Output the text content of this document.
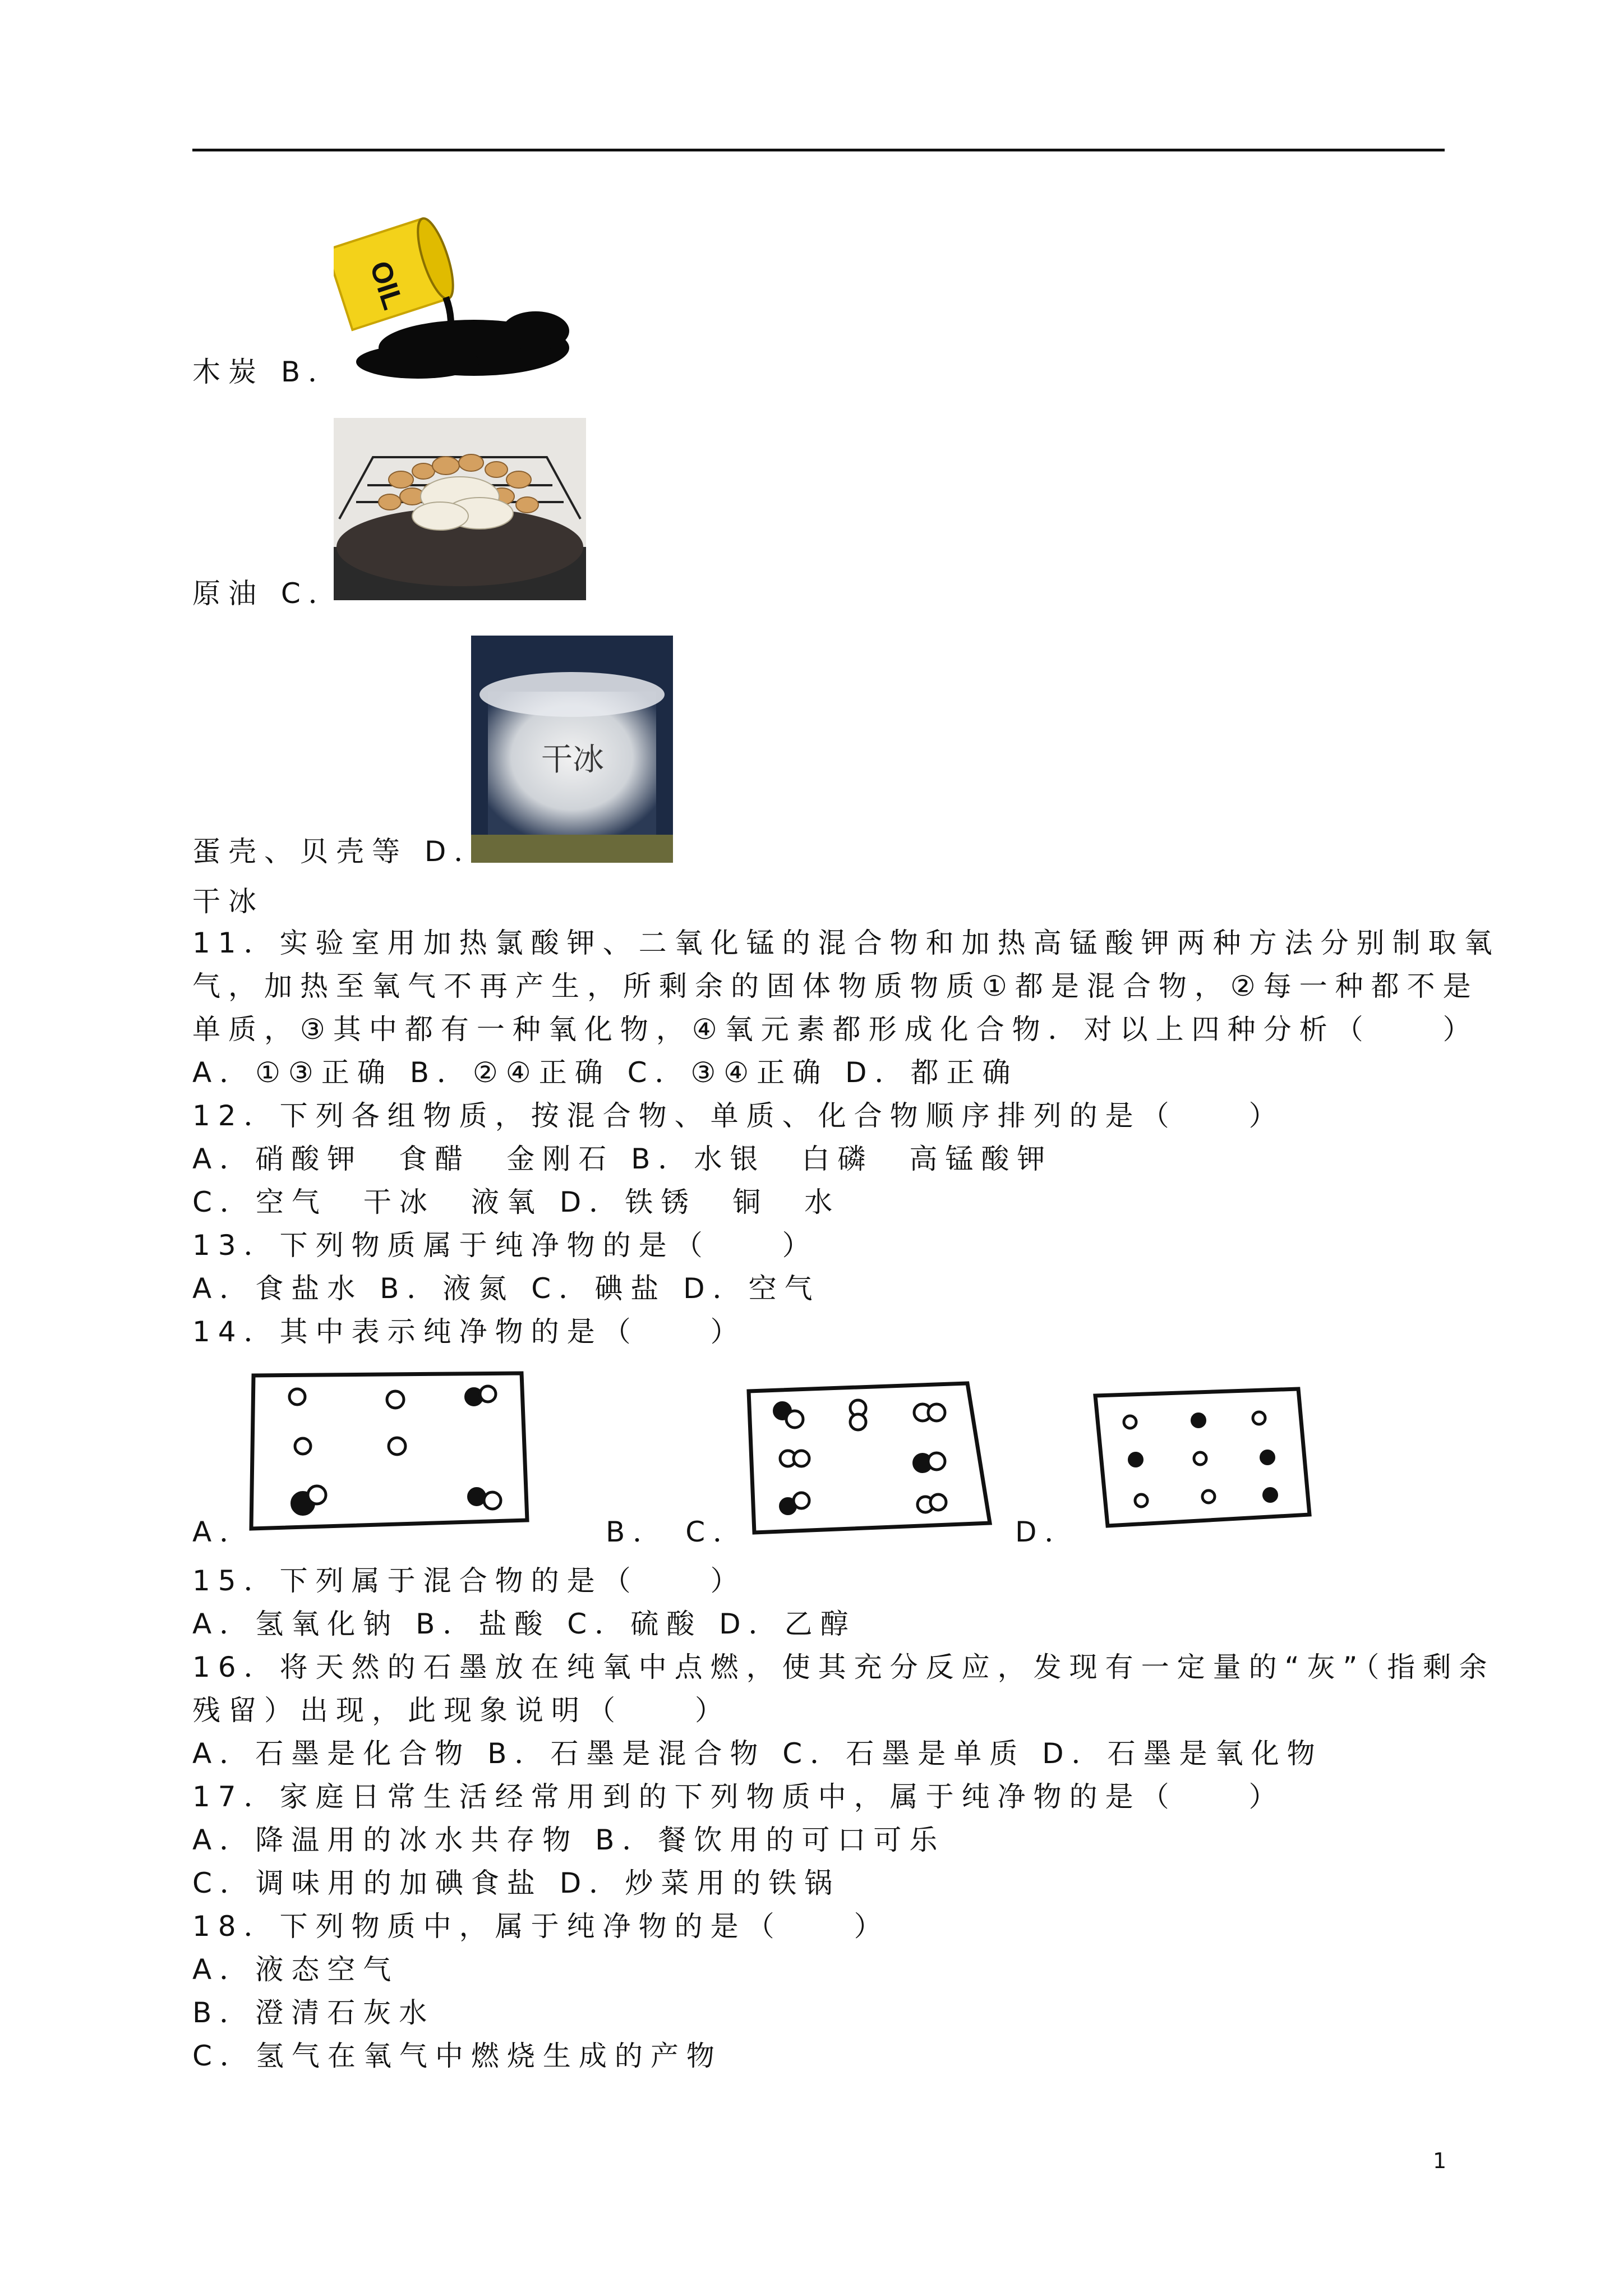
OIL
木炭 B．
原油 C．
干冰
蛋壳、贝壳等 D．
干冰
11．实验室用加热氯酸钾、二氧化锰的混合物和加热高锰酸钾两种方法分别制取氧
气，加热至氧气不再产生，所剩余的固体物质物质①都是混合物，②每一种都不是
单质，③其中都有一种氧化物，④氧元素都形成化合物．对以上四种分析（　　）
A．①③正确 B．②④正确 C．③④正确 D．都正确
12．下列各组物质，按混合物、单质、化合物顺序排列的是（　　）
A．硝酸钾　食醋　金刚石 B．水银　白磷　高锰酸钾
C．空气　干冰　液氧 D．铁锈　铜　水
13．下列物质属于纯净物的是（　　）
A．食盐水 B．液氮 C．碘盐 D．空气
14．其中表示纯净物的是（　　）
A．	B． C．	D．
15．下列属于混合物的是（　　）
A．氢氧化钠 B．盐酸 C．硫酸 D．乙醇
16．将天然的石墨放在纯氧中点燃，使其充分反应，发现有一定量的“灰”（指剩余
残留）出现，此现象说明（　　）
A．石墨是化合物 B．石墨是混合物 C．石墨是单质 D．石墨是氧化物
17．家庭日常生活经常用到的下列物质中，属于纯净物的是（　　）
A．降温用的冰水共存物 B．餐饮用的可口可乐
C．调味用的加碘食盐 D．炒菜用的铁锅
18．下列物质中，属于纯净物的是（　　）
A．液态空气
B．澄清石灰水
C．氢气在氧气中燃烧生成的产物
1
